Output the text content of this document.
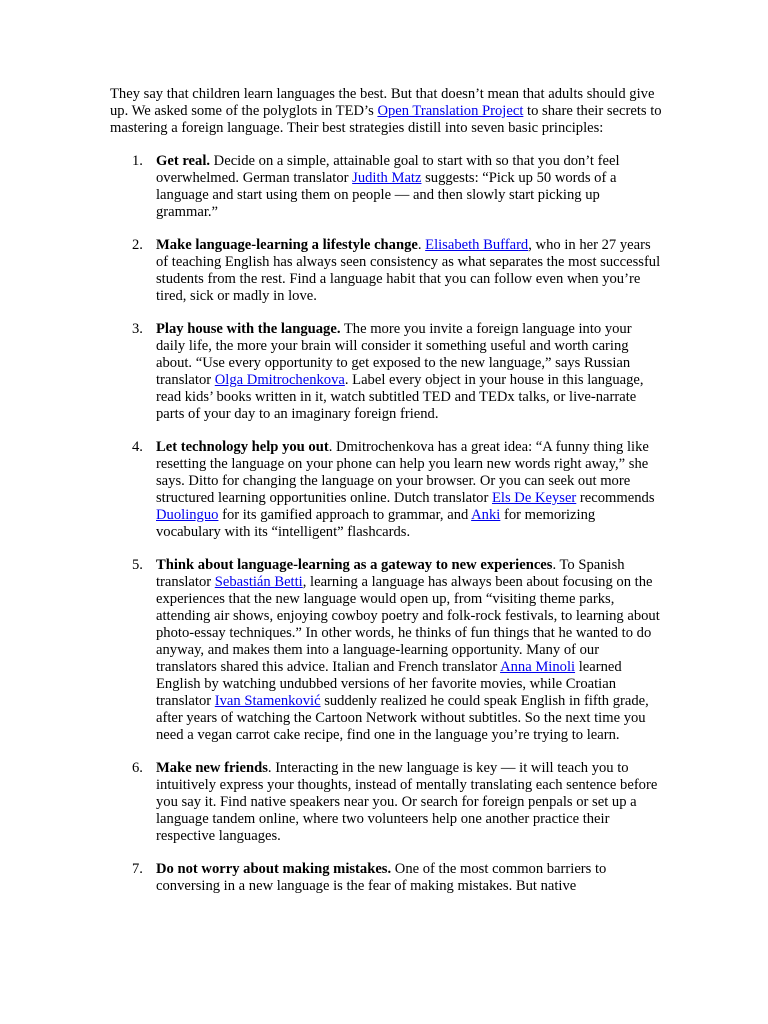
They say that children learn languages the best. But that doesn’t mean that adults should give up. We asked some of the polyglots in TED’s Open Translation Project to share their secrets to mastering a foreign language. Their best strategies distill into seven basic principles:

1. Get real. Decide on a simple, attainable goal to start with so that you don’t feel overwhelmed. German translator Judith Matz suggests: “Pick up 50 words of a language and start using them on people — and then slowly start picking up grammar.”
2. Make language-learning a lifestyle change. Elisabeth Buffard, who in her 27 years of teaching English has always seen consistency as what separates the most successful students from the rest. Find a language habit that you can follow even when you’re tired, sick or madly in love.
3. Play house with the language. The more you invite a foreign language into your daily life, the more your brain will consider it something useful and worth caring about. “Use every opportunity to get exposed to the new language,” says Russian translator Olga Dmitrochenkova. Label every object in your house in this language, read kids’ books written in it, watch subtitled TED and TEDx talks, or live-narrate parts of your day to an imaginary foreign friend.
4. Let technology help you out. Dmitrochenkova has a great idea: “A funny thing like resetting the language on your phone can help you learn new words right away,” she says. Ditto for changing the language on your browser. Or you can seek out more structured learning opportunities online. Dutch translator Els De Keyser recommends Duolinguo for its gamified approach to grammar, and Anki for memorizing vocabulary with its “intelligent” flashcards.
5. Think about language-learning as a gateway to new experiences. To Spanish translator Sebastián Betti, learning a language has always been about focusing on the experiences that the new language would open up, from “visiting theme parks, attending air shows, enjoying cowboy poetry and folk-rock festivals, to learning about photo-essay techniques.” In other words, he thinks of fun things that he wanted to do anyway, and makes them into a language-learning opportunity. Many of our translators shared this advice. Italian and French translator Anna Minoli learned English by watching undubbed versions of her favorite movies, while Croatian translator Ivan Stamenković suddenly realized he could speak English in fifth grade, after years of watching the Cartoon Network without subtitles. So the next time you need a vegan carrot cake recipe, find one in the language you’re trying to learn.
6. Make new friends. Interacting in the new language is key — it will teach you to intuitively express your thoughts, instead of mentally translating each sentence before you say it. Find native speakers near you. Or search for foreign penpals or set up a language tandem online, where two volunteers help one another practice their respective languages.
7. Do not worry about making mistakes. One of the most common barriers to conversing in a new language is the fear of making mistakes. But native
